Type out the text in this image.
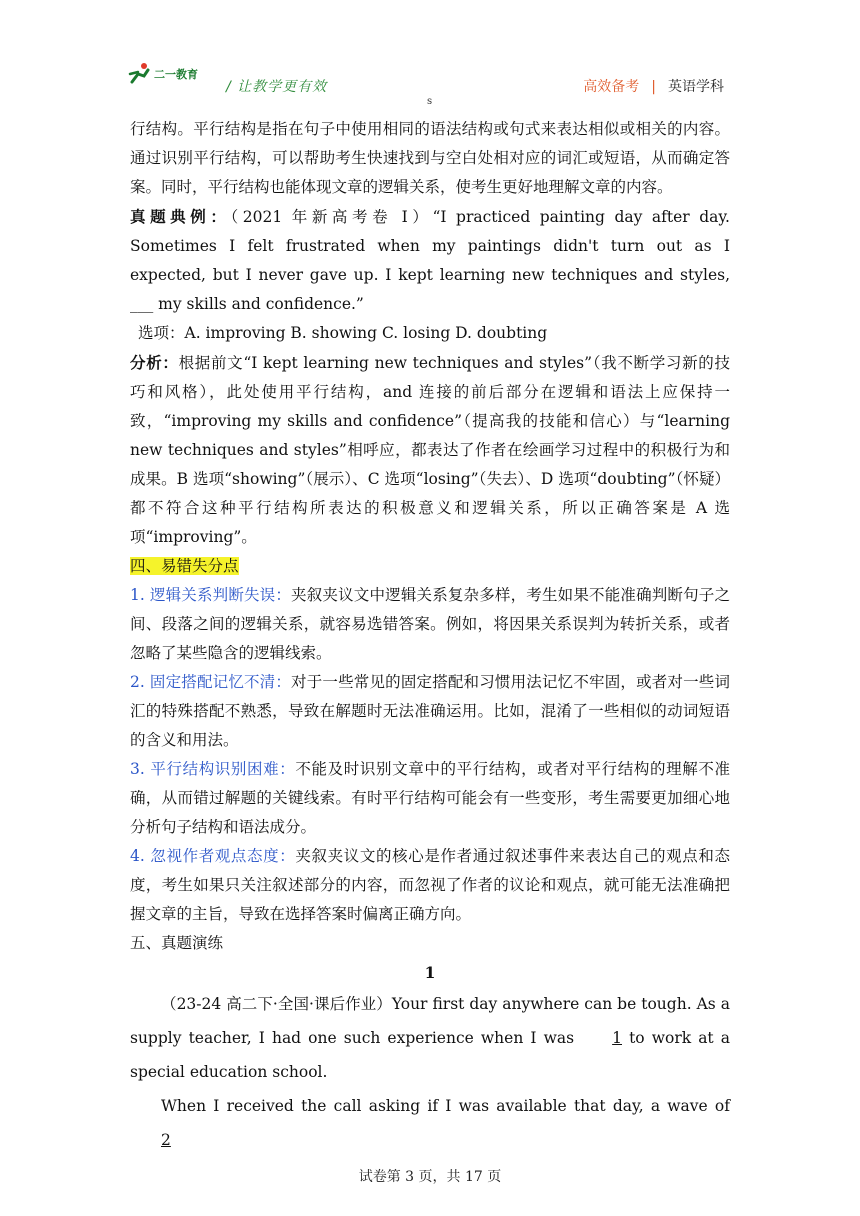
二一教育
/ 让教学更有效	高效备考 | 英语学科
s

行结构。平行结构是指在句子中使用相同的语法结构或句式来表达相似或相关的内容。通过识别平行结构，可以帮助考生快速找到与空白处相对应的词汇或短语，从而确定答案。同时，平行结构也能体现文章的逻辑关系，使考生更好地理解文章的内容。

真题典例：（2021 年新高考卷 I）“I practiced painting day after day. Sometimes I felt frustrated when my paintings didn't turn out as I expected, but I never gave up. I kept learning new techniques and styles, ___ my skills and confidence.”

选项：A. improving B. showing C. losing D. doubting

分析：根据前文“I kept learning new techniques and styles”（我不断学习新的技巧和风格），此处使用平行结构，and 连接的前后部分在逻辑和语法上应保持一致，“improving my skills and confidence”（提高我的技能和信心）与“learning new techniques and styles”相呼应，都表达了作者在绘画学习过程中的积极行为和成果。B 选项“showing”（展示）、C 选项“losing”（失去）、D 选项“doubting”（怀疑）都不符合这种平行结构所表达的积极意义和逻辑关系，所以正确答案是 A 选项“improving”。

四、易错失分点

1. 逻辑关系判断失误：夹叙夹议文中逻辑关系复杂多样，考生如果不能准确判断句子之间、段落之间的逻辑关系，就容易选错答案。例如，将因果关系误判为转折关系，或者忽略了某些隐含的逻辑线索。

2. 固定搭配记忆不清：对于一些常见的固定搭配和习惯用法记忆不牢固，或者对一些词汇的特殊搭配不熟悉，导致在解题时无法准确运用。比如，混淆了一些相似的动词短语的含义和用法。

3. 平行结构识别困难：不能及时识别文章中的平行结构，或者对平行结构的理解不准确，从而错过解题的关键线索。有时平行结构可能会有一些变形，考生需要更加细心地分析句子结构和语法成分。

4. 忽视作者观点态度：夹叙夹议文的核心是作者通过叙述事件来表达自己的观点和态度，考生如果只关注叙述部分的内容，而忽视了作者的议论和观点，就可能无法准确把握文章的主旨，导致在选择答案时偏离正确方向。

五、真题演练

1

（23-24 高二下·全国·课后作业）Your first day anywhere can be tough. As a supply teacher, I had one such experience when I was 1 to work at a special education school.

When I received the call asking if I was available that day, a wave of 2

试卷第 3 页，共 17 页
